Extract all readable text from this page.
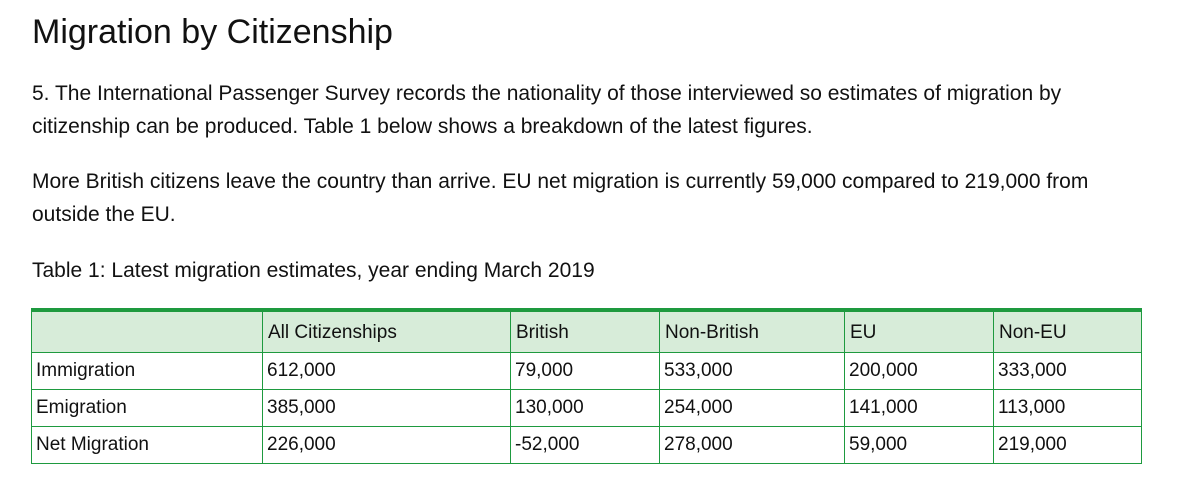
Migration by Citizenship

5. The International Passenger Survey records the nationality of those interviewed so estimates of migration by citizenship can be produced. Table 1 below shows a breakdown of the latest figures.

More British citizens leave the country than arrive. EU net migration is currently 59,000 compared to 219,000 from outside the EU.

Table 1: Latest migration estimates, year ending March 2019

	All Citizenships	British	Non-British	EU	Non-EU
Immigration	612,000	79,000	533,000	200,000	333,000
Emigration	385,000	130,000	254,000	141,000	113,000
Net Migration	226,000	-52,000	278,000	59,000	219,000
